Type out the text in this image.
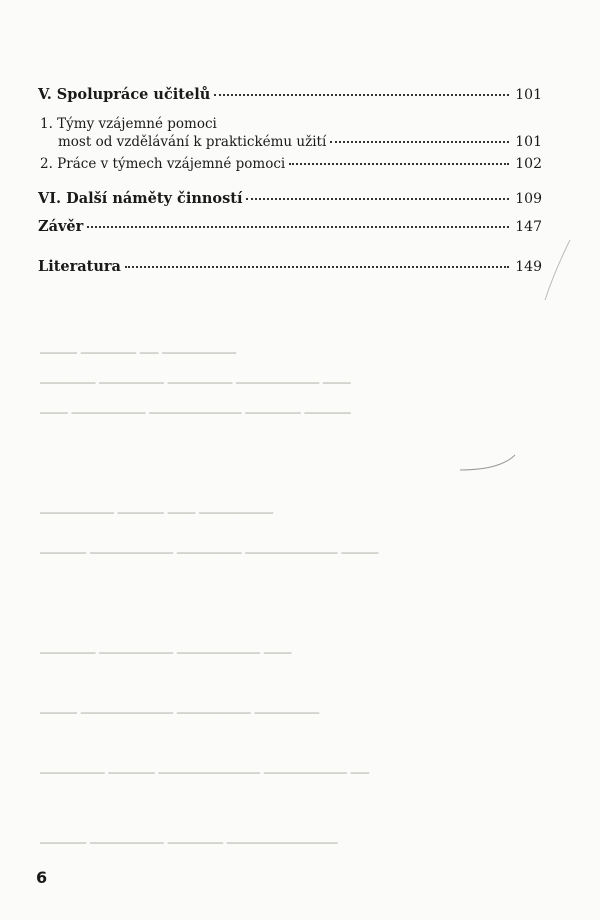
▁▁▁▁ ▁▁▁▁▁▁ ▁▁ ▁▁▁▁▁▁▁▁
▁▁▁▁▁▁ ▁▁▁▁▁▁▁ ▁▁▁▁▁▁▁ ▁▁▁▁▁▁▁▁▁ ▁▁▁
▁▁▁ ▁▁▁▁▁▁▁▁ ▁▁▁▁▁▁▁▁▁▁ ▁▁▁▁▁▁ ▁▁▁▁▁
▁▁▁▁▁▁▁▁ ▁▁▁▁▁ ▁▁▁ ▁▁▁▁▁▁▁▁
▁▁▁▁▁ ▁▁▁▁▁▁▁▁▁ ▁▁▁▁▁▁▁ ▁▁▁▁▁▁▁▁▁▁ ▁▁▁▁
▁▁▁▁▁▁ ▁▁▁▁▁▁▁▁ ▁▁▁▁▁▁▁▁▁ ▁▁▁
▁▁▁▁ ▁▁▁▁▁▁▁▁▁▁ ▁▁▁▁▁▁▁▁ ▁▁▁▁▁▁▁
▁▁▁▁▁▁▁ ▁▁▁▁▁ ▁▁▁▁▁▁▁▁▁▁▁ ▁▁▁▁▁▁▁▁▁ ▁▁
▁▁▁▁▁ ▁▁▁▁▁▁▁▁ ▁▁▁▁▁▁ ▁▁▁▁▁▁▁▁▁▁▁▁
V. Spolupráce učitelů	101
1. Týmy vzájemné pomoci
most od vzdělávání k praktickému užití	101
2. Práce v týmech vzájemné pomoci	102
VI. Další náměty činností	109
Závěr	147
Literatura	149
6
